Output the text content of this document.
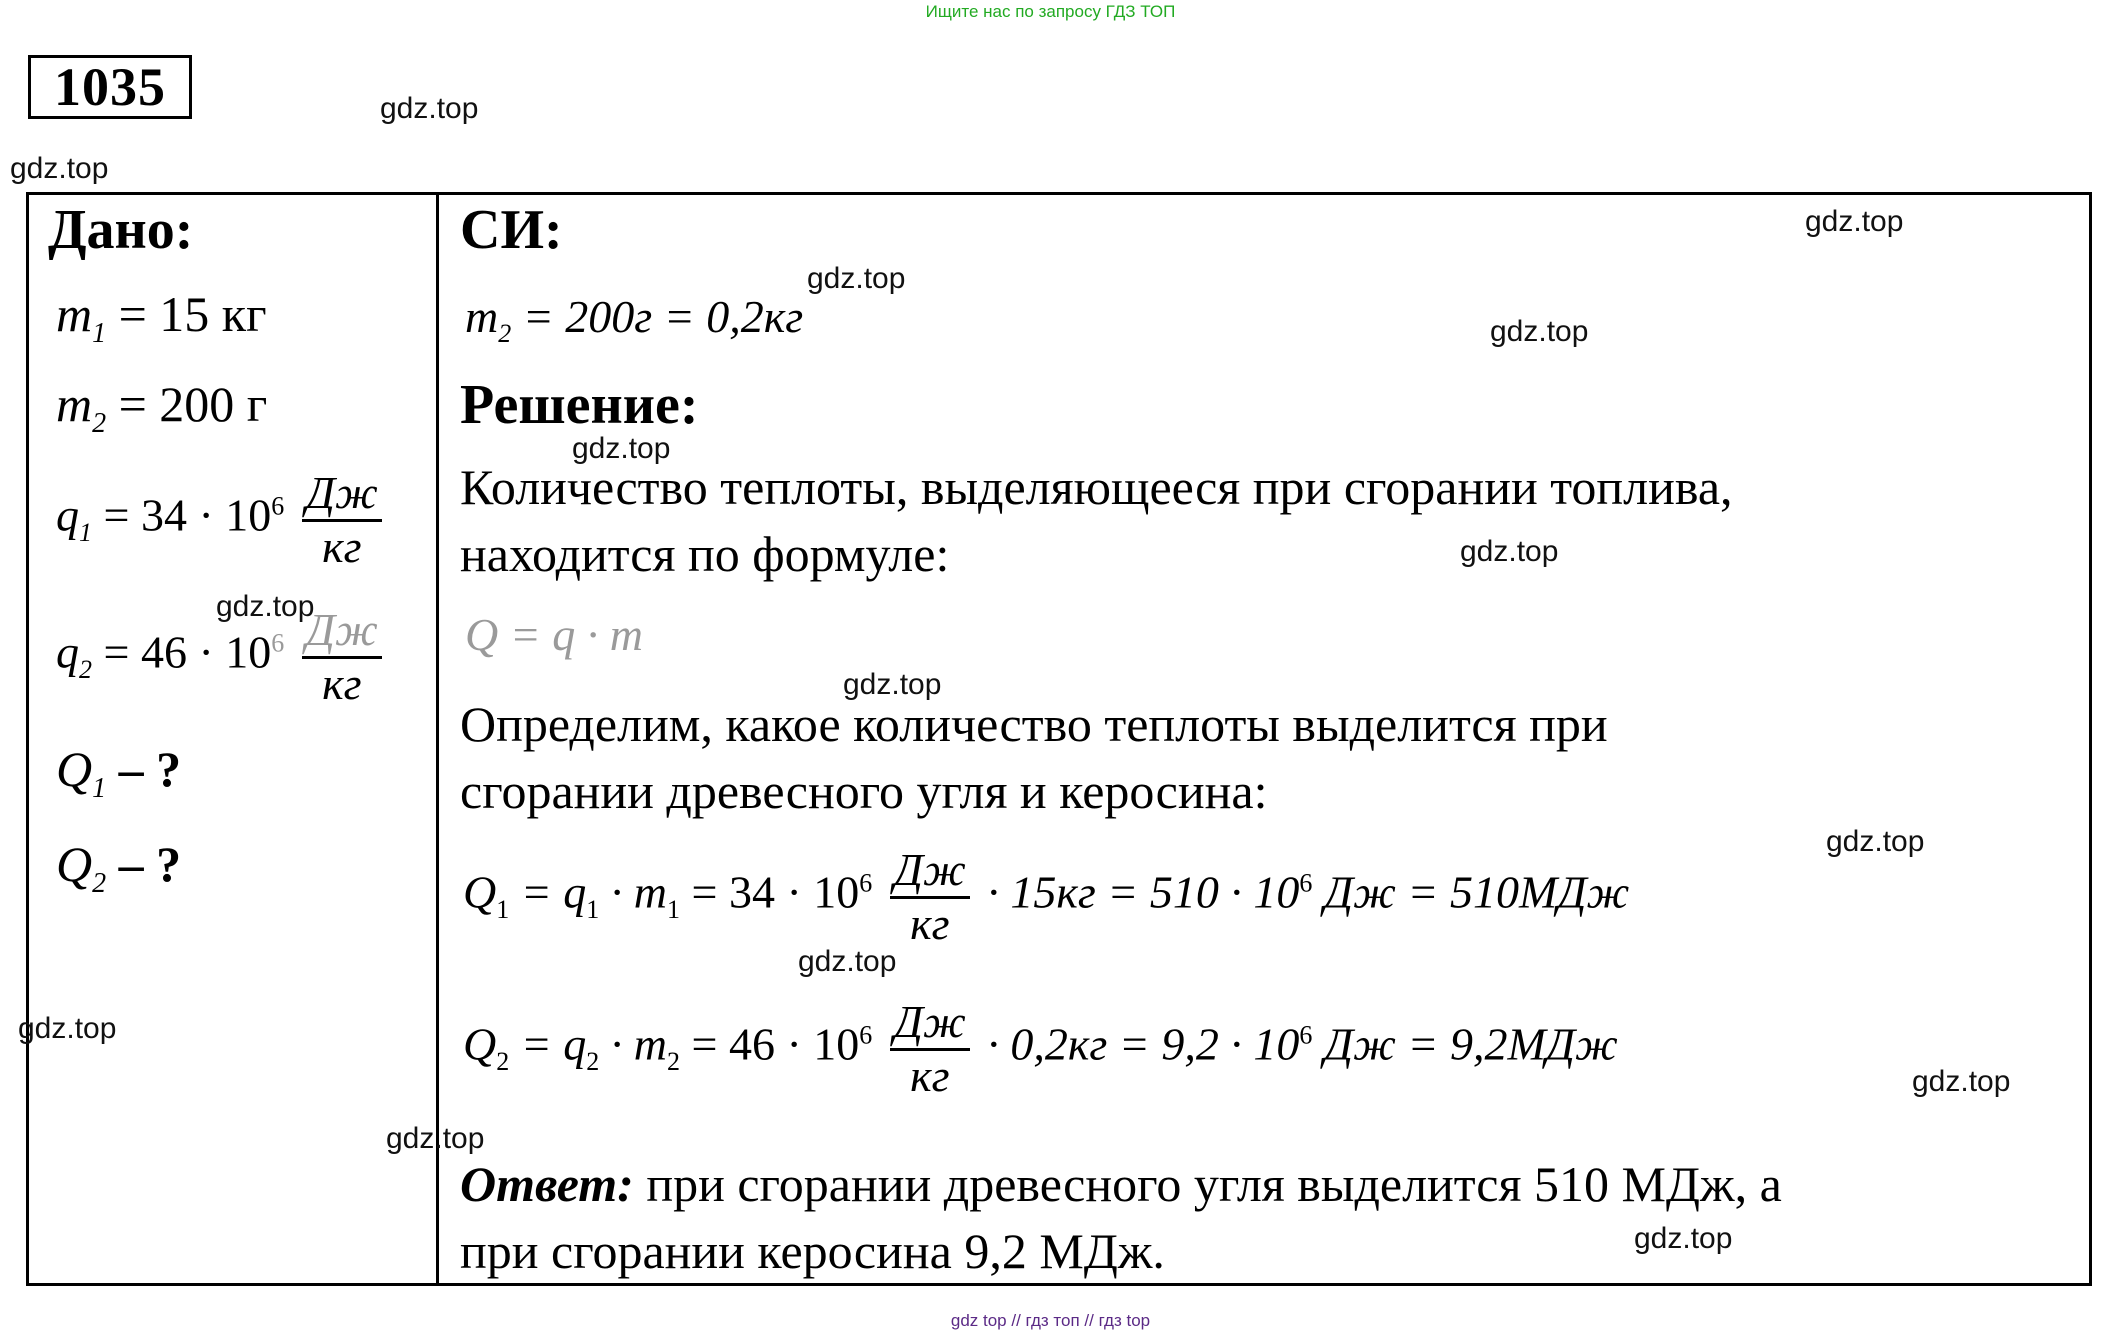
Ищите нас по запросу ГДЗ ТОП
1035
Дано:
$m_1 = 15$ кг
$m_2 = 200$ г
$q_1 = 34 \cdot 10^6 \frac{Дж}{кг}$
$q_2 = 46 \cdot 10^6 \frac{Дж}{кг}$
$Q_1$ – ?
$Q_2$ – ?
СИ:
$m_2 = 200г = 0,2кг$
Решение:
Количество теплоты, выделяющееся при сгорании топлива,
находится по формуле:
Q = q · m
Определим, какое количество теплоты выделится при
сгорании древесного угля и керосина:
$Q_1 = q_1 \cdot m_1 = 34 \cdot 10^6 \frac{Дж}{кг} \cdot 15кг = 510 \cdot 10^6$ Дж = 510МДж
$Q_2 = q_2 \cdot m_2 = 46 \cdot 10^6 \frac{Дж}{кг} \cdot 0,2кг = 9,2 \cdot 10^6$ Дж = 9,2МДж
Ответ: при сгорании древесного угля выделится 510 МДж, а
при сгорании керосина 9,2 МДж.
gdz.top
gdz.top
gdz.top
gdz.top
gdz.top
gdz.top
gdz.top
gdz.top
gdz.top
gdz.top
gdz.top
gdz.top
gdz.top
gdz.top
gdz.top
gdz top // гдз топ // гдз top
